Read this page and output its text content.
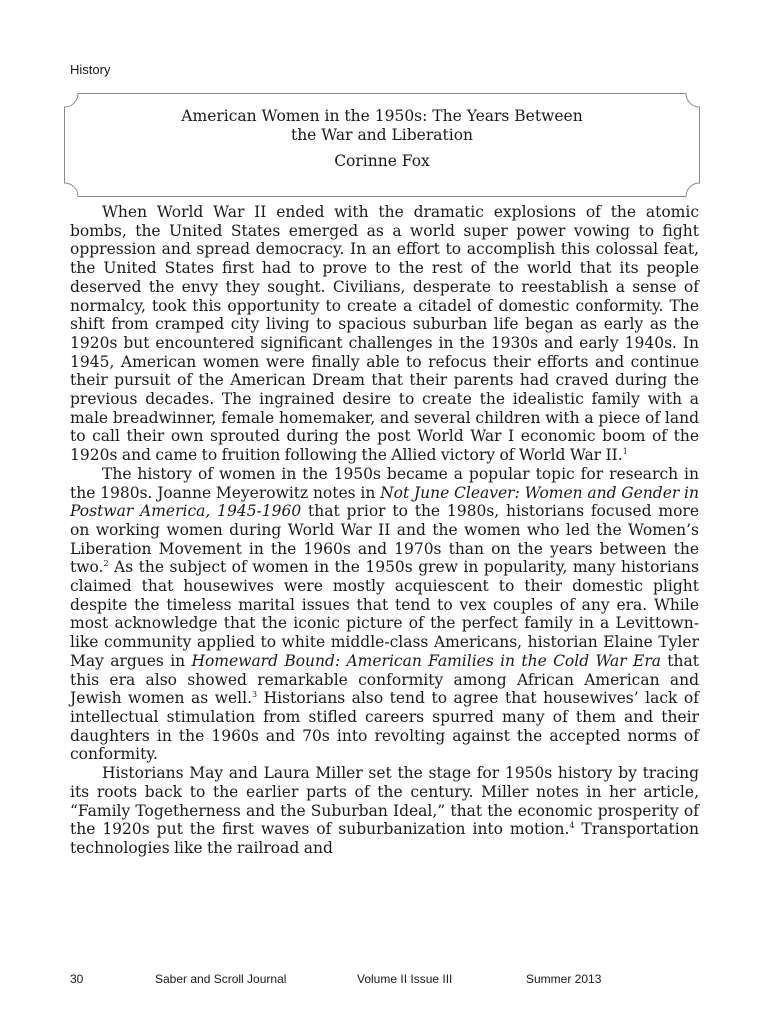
History
American Women in the 1950s: The Years Between
the War and Liberation
Corinne Fox

When World War II ended with the dramatic explosions of the atomic bombs, the United States emerged as a world super power vowing to fight oppression and spread democracy. In an effort to accomplish this colossal feat, the United States first had to prove to the rest of the world that its people deserved the envy they sought. Civilians, desperate to reestablish a sense of normalcy, took this opportunity to create a citadel of domestic conformity. The shift from cramped city living to spacious suburban life began as early as the 1920s but encountered significant challenges in the 1930s and early 1940s. In 1945, American women were finally able to refocus their efforts and continue their pursuit of the American Dream that their parents had craved during the previous decades. The ingrained desire to create the idealistic family with a male breadwinner, female homemaker, and several children with a piece of land to call their own sprouted during the post World War I economic boom of the 1920s and came to fruition following the Allied victory of World War II.$^1$

The history of women in the 1950s became a popular topic for research in the 1980s. Joanne Meyerowitz notes in Not June Cleaver: Women and Gender in Postwar America, 1945-1960 that prior to the 1980s, historians focused more on working women during World War II and the women who led the Women’s Liberation Movement in the 1960s and 1970s than on the years between the two.$^2$ As the subject of women in the 1950s grew in popularity, many historians claimed that housewives were mostly acquiescent to their domestic plight despite the timeless marital issues that tend to vex couples of any era. While most acknowledge that the iconic picture of the perfect family in a Levittown-like community applied to white middle-class Americans, historian Elaine Tyler May argues in Homeward Bound: American Families in the Cold War Era that this era also showed remarkable conformity among African American and Jewish women as well.$^3$ Historians also tend to agree that housewives’ lack of intellectual stimulation from stifled careers spurred many of them and their daughters in the 1960s and 70s into revolting against the accepted norms of conformity.

Historians May and Laura Miller set the stage for 1950s history by tracing its roots back to the earlier parts of the century. Miller notes in her article, “Family Togetherness and the Suburban Ideal,” that the economic prosperity of the 1920s put the first waves of suburbanization into motion.$^4$ Transportation technologies like the railroad and

30	Saber and Scroll Journal	Volume II Issue III	Summer 2013
